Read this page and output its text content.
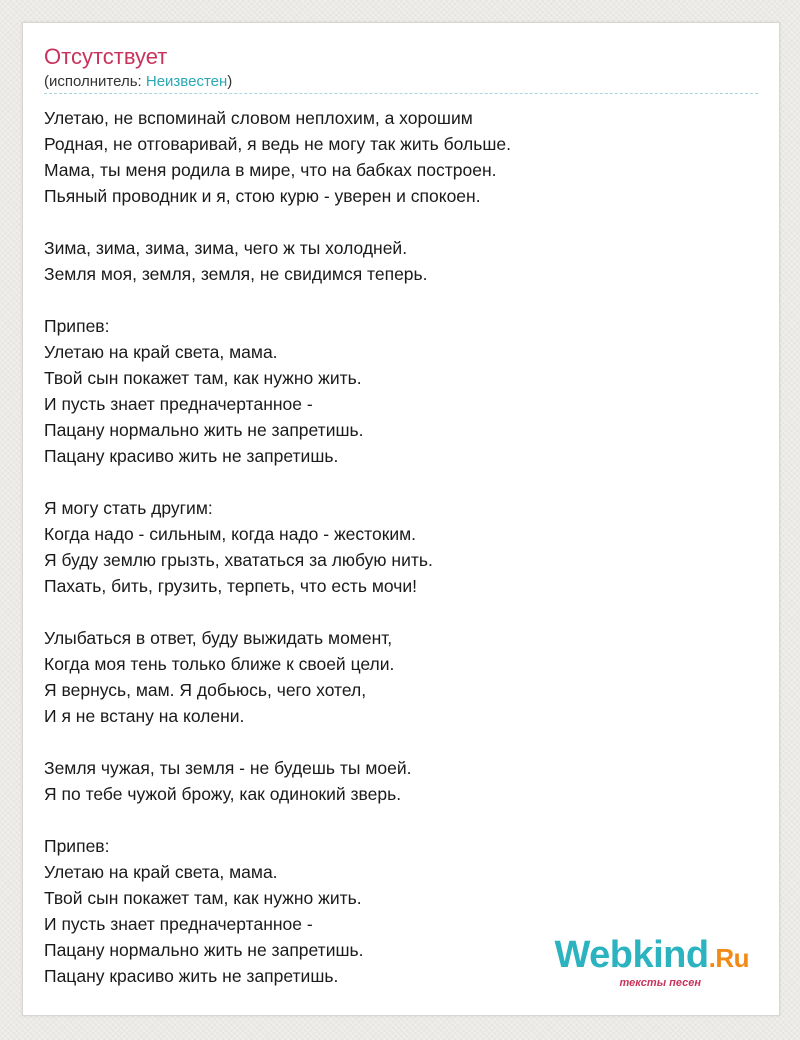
Отсутствует
(исполнитель: Неизвестен)
Улетаю, не вспоминай словом неплохим, а хорошим
Родная, не отговаривай, я ведь не могу так жить больше.
Мама, ты меня родила в мире, что на бабках построен.
Пьяный проводник и я, стою курю - уверен и спокоен.
Зима, зима, зима, зима, чего ж ты холодней.
Земля моя, земля, земля, не свидимся теперь.
Припев:
Улетаю на край света, мама.
Твой сын покажет там, как нужно жить.
И пусть знает предначертанное -
Пацану нормально жить не запретишь.
Пацану красиво жить не запретишь.
Я могу стать другим:
Когда надо - сильным, когда надо - жестоким.
Я буду землю грызть, хвататься за любую нить.
Пахать, бить, грузить, терпеть, что есть мочи!
Улыбаться в ответ, буду выжидать момент,
Когда моя тень только ближе к своей цели.
Я вернусь, мам. Я добьюсь, чего хотел,
И я не встану на колени.
Земля чужая, ты земля - не будешь ты моей.
Я по тебе чужой брожу, как одинокий зверь.
Припев:
Улетаю на край света, мама.
Твой сын покажет там, как нужно жить.
И пусть знает предначертанное -
Пацану нормально жить не запретишь.
Пацану красиво жить не запретишь.	Webkind.Ru
тексты песен
